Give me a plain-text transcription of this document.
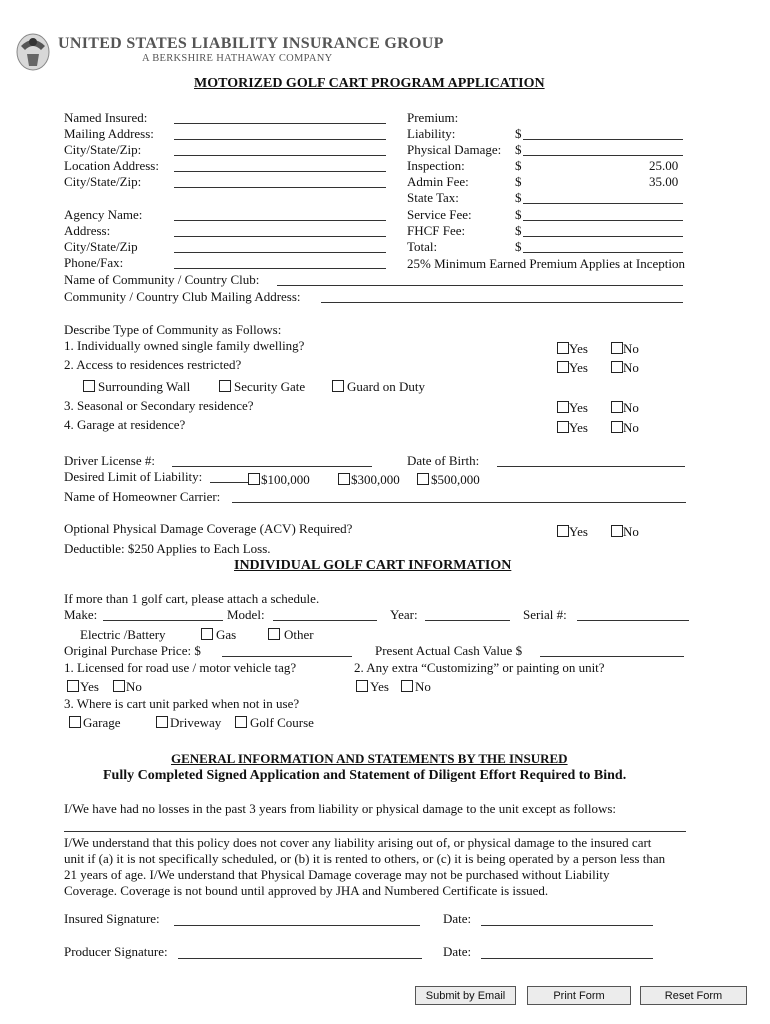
UNITED STATES LIABILITY INSURANCE GROUP
A BERKSHIRE HATHAWAY COMPANY
MOTORIZED GOLF CART PROGRAM APPLICATION
Named Insured:
Mailing Address:
City/State/Zip:
Location Address:
City/State/Zip:
Agency Name:
Address:
City/State/Zip
Phone/Fax:
Premium:
Liability:	$
Physical Damage: $
Inspection:	$	25.00
Admin Fee:	$	35.00
State Tax:	$
Service Fee:	$
FHCF Fee:	$
Total:	$
25% Minimum Earned Premium Applies at Inception
Name of Community / Country Club:
Community / Country Club Mailing Address:
Describe Type of Community as Follows:
1. Individually owned single family dwelling?	Yes	No
2. Access to residences restricted?	Yes	No
Surrounding Wall	Security Gate	Guard on Duty
3. Seasonal or Secondary residence?	Yes	No
4. Garage at residence?	Yes	No
Driver License #:	Date of Birth:
Desired Limit of Liability:	$100,000	$300,000 $500,000
Name of Homeowner Carrier:
Optional Physical Damage Coverage (ACV) Required?	Yes	No
Deductible: $250 Applies to Each Loss.
INDIVIDUAL GOLF CART INFORMATION
If more than 1 golf cart, please attach a schedule.
Make:	Model:	Year:	Serial #:
Electric /Battery	Gas	Other
Original Purchase Price: $	Present Actual Cash Value $
1. Licensed for road use / motor vehicle tag?	2. Any extra “Customizing” or painting on unit?
Yes No	Yes No
3. Where is cart unit parked when not in use?
Garage	Driveway Golf Course
GENERAL INFORMATION AND STATEMENTS BY THE INSURED
Fully Completed Signed Application and Statement of Diligent Effort Required to Bind.
I/We have had no losses in the past 3 years from liability or physical damage to the unit except as follows:
I/We understand that this policy does not cover any liability arising out of, or physical damage to the insured cart
unit if (a) it is not specifically scheduled, or (b) it is rented to others, or (c) it is being operated by a person less than
21 years of age. I/We understand that Physical Damage coverage may not be purchased without Liability
Coverage. Coverage is not bound until approved by JHA and Numbered Certificate is issued.
Insured Signature:	Date:
Producer Signature:	Date:
Submit by Email	Print Form	Reset Form
